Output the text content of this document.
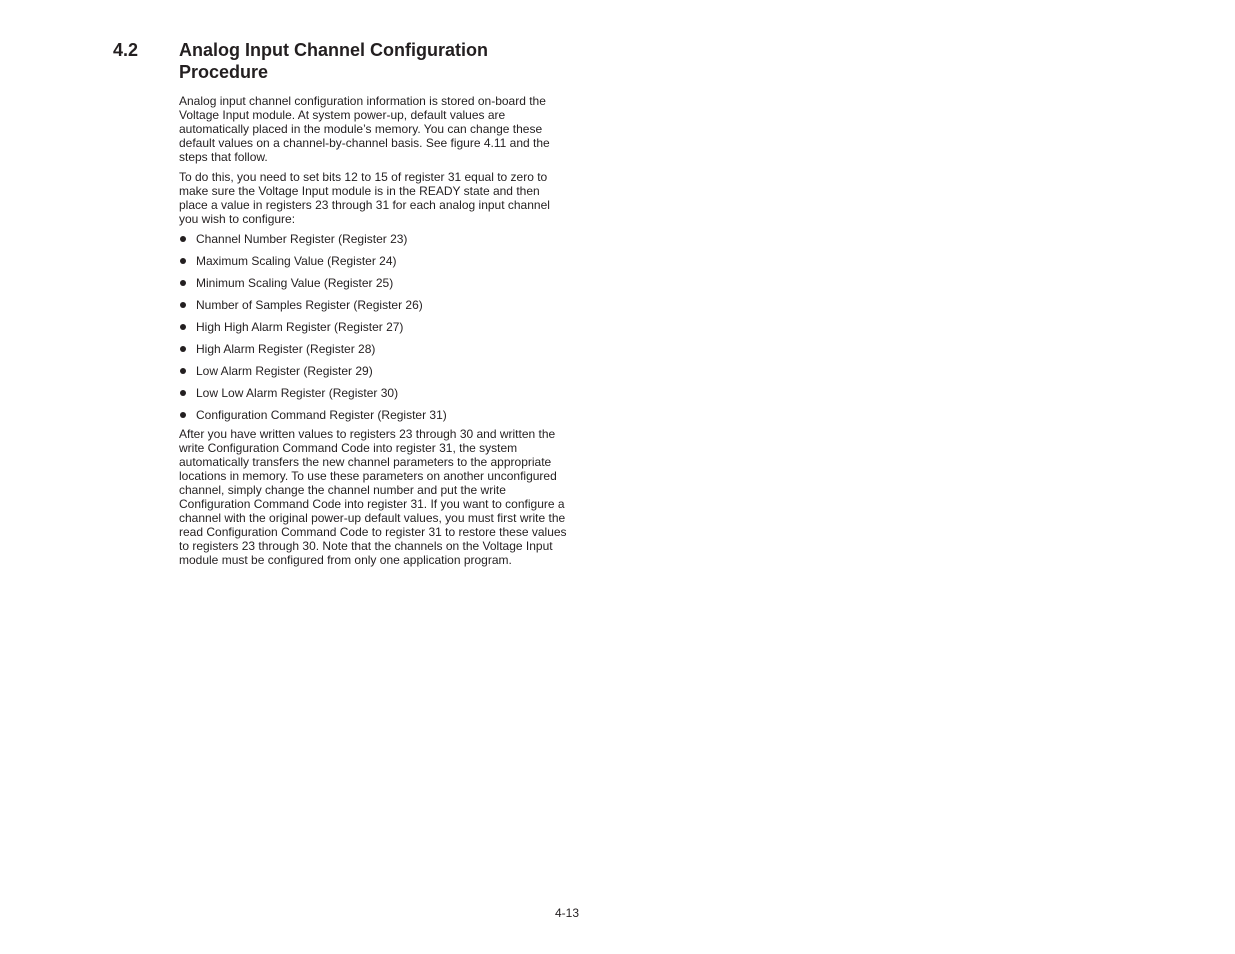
4.2 Analog Input Channel Configuration
Procedure

Analog input channel configuration information is stored on-board the Voltage Input module. At system power-up, default values are automatically placed in the module’s memory. You can change these default values on a channel-by-channel basis. See figure 4.11 and the steps that follow.

To do this, you need to set bits 12 to 15 of register 31 equal to zero to make sure the Voltage Input module is in the READY state and then place a value in registers 23 through 31 for each analog input channel you wish to configure:

Channel Number Register (Register 23)
Maximum Scaling Value (Register 24)
Minimum Scaling Value (Register 25)
Number of Samples Register (Register 26)
High High Alarm Register (Register 27)
High Alarm Register (Register 28)
Low Alarm Register (Register 29)
Low Low Alarm Register (Register 30)
Configuration Command Register (Register 31)

After you have written values to registers 23 through 30 and written the write Configuration Command Code into register 31, the system automatically transfers the new channel parameters to the appropriate locations in memory. To use these parameters on another unconfigured channel, simply change the channel number and put the write Configuration Command Code into register 31. If you want to configure a channel with the original power-up default values, you must first write the read Configuration Command Code to register 31 to restore these values to registers 23 through 30. Note that the channels on the Voltage Input module must be configured from only one application program.

4-13
